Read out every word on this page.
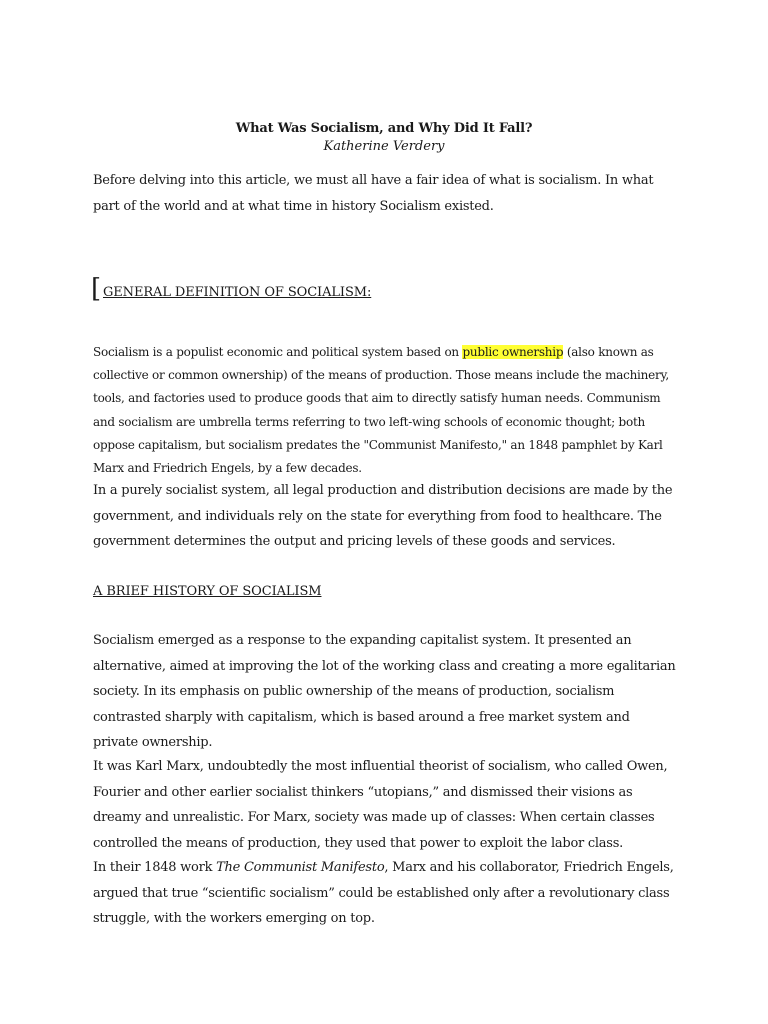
What Was Socialism, and Why Did It Fall?
Katherine Verdery

Before delving into this article, we must all have a fair idea of what is socialism. In what part of the world and at what time in history Socialism existed.

[ GENERAL DEFINITION OF SOCIALISM:

Socialism is a populist economic and political system based on public ownership (also known as collective or common ownership) of the means of production. Those means include the machinery, tools, and factories used to produce goods that aim to directly satisfy human needs. Communism and socialism are umbrella terms referring to two left-wing schools of economic thought; both oppose capitalism, but socialism predates the "Communist Manifesto," an 1848 pamphlet by Karl Marx and Friedrich Engels, by a few decades.

In a purely socialist system, all legal production and distribution decisions are made by the government, and individuals rely on the state for everything from food to healthcare. The government determines the output and pricing levels of these goods and services.

A BRIEF HISTORY OF SOCIALISM

Socialism emerged as a response to the expanding capitalist system. It presented an alternative, aimed at improving the lot of the working class and creating a more egalitarian society. In its emphasis on public ownership of the means of production, socialism contrasted sharply with capitalism, which is based around a free market system and private ownership.

It was Karl Marx, undoubtedly the most influential theorist of socialism, who called Owen, Fourier and other earlier socialist thinkers “utopians,” and dismissed their visions as dreamy and unrealistic. For Marx, society was made up of classes: When certain classes controlled the means of production, they used that power to exploit the labor class.

In their 1848 work The Communist Manifesto, Marx and his collaborator, Friedrich Engels, argued that true “scientific socialism” could be established only after a revolutionary class struggle, with the workers emerging on top.
